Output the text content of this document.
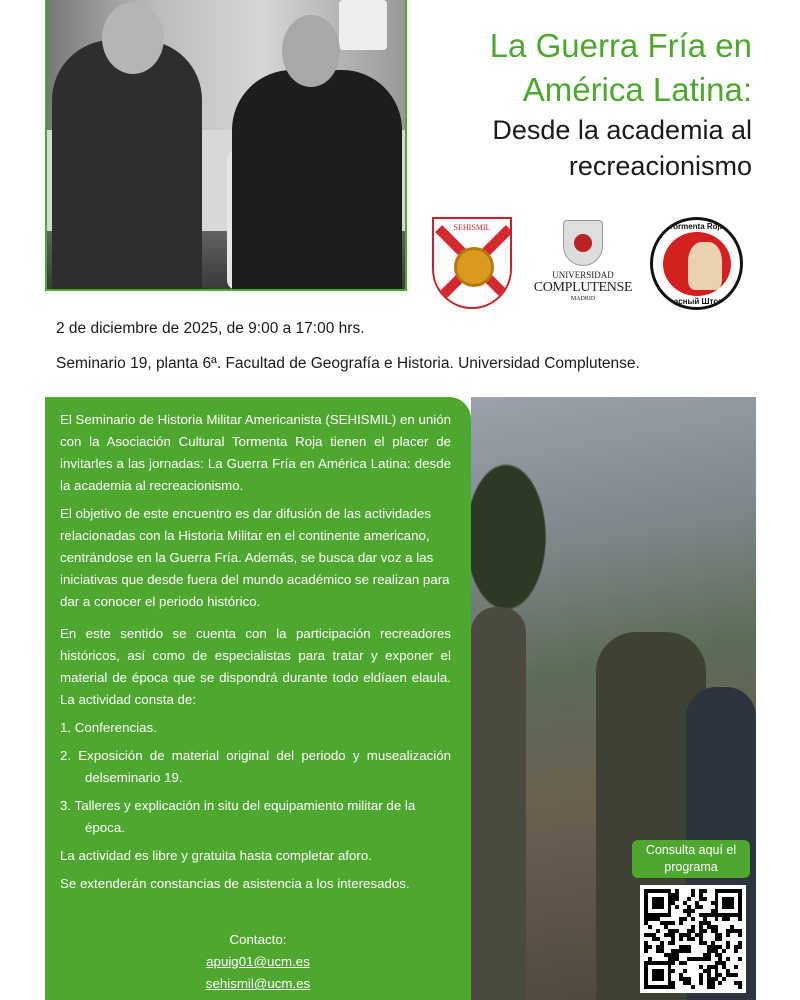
La Guerra Fría en
América Latina:
Desde la academia al
recreacionismo
SEHISMIL
UNIVERSIDAD
COMPLUTENSE
MADRID
Tormenta Roja
Красный Шторм
2 de diciembre de 2025, de 9:00 a 17:00 hrs.
Seminario 19, planta 6ª. Facultad de Geografía e Historia. Universidad Complutense.

El Seminario de Historia Militar Americanista (SEHISMIL) en unión con la Asociación Cultural Tormenta Roja tienen el placer de invitarles a las jornadas: La Guerra Fría en América Latina: desde la academia al recreacionismo.

El objetivo de este encuentro es dar difusión de las actividades relacionadas con la Historia Militar en el continente americano, centrándose en la Guerra Fría. Además, se busca dar voz a las iniciativas que desde fuera del mundo académico se realizan para dar a conocer el periodo histórico.

En este sentido se cuenta con la participación recreadores históricos, así como de especialistas para tratar y exponer el material de época que se dispondrá durante todo eldíaen elaula. La actividad consta de:

1. Conferencias.

2. Exposición de material original del periodo y musealización delseminario 19.

3. Talleres y explicación in situ del equipamiento militar de la época.

La actividad es libre y gratuita hasta completar aforo.

Se extenderán constancias de asistencia a los interesados.

Contacto:
apuig01@ucm.es
sehismil@ucm.es
Consulta aquí el programa
